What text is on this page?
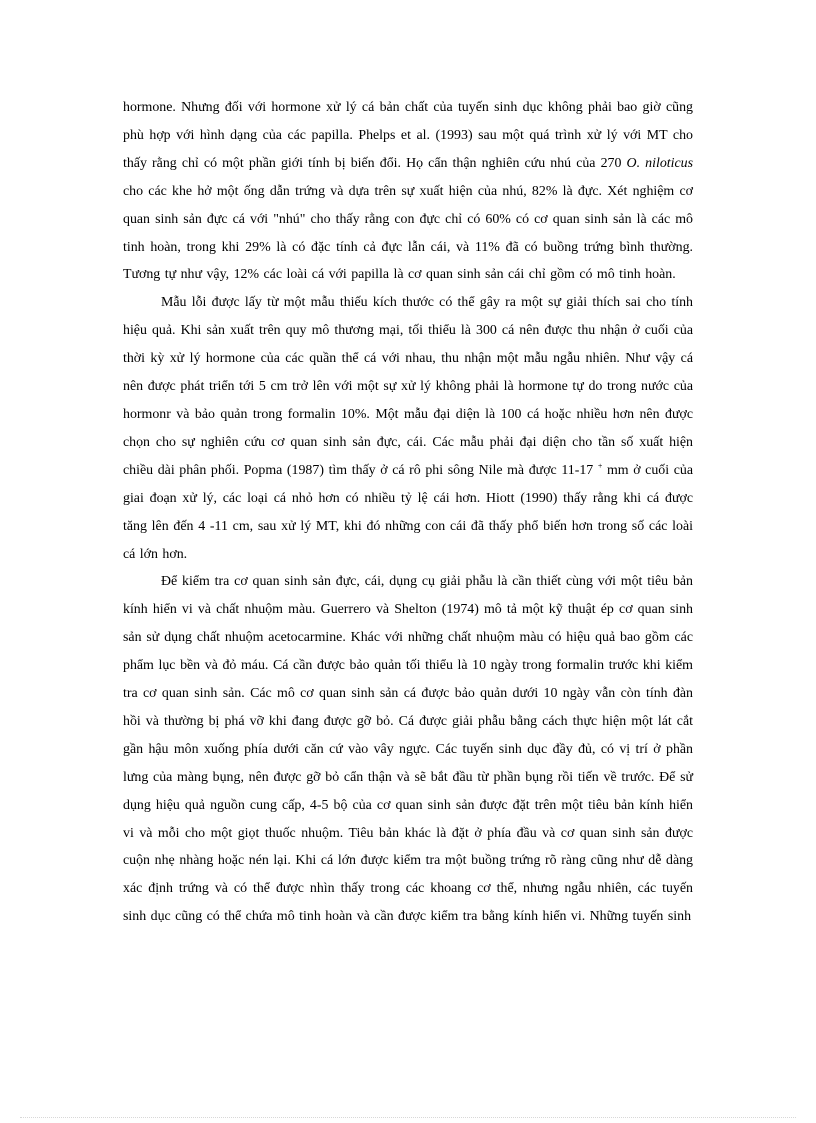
hormone. Nhưng đối với hormone xử lý cá bản chất của tuyến sinh dục không phải bao giờ cũng phù hợp với hình dạng của các papilla. Phelps et al. (1993) sau một quá trình xử lý với MT cho thấy rằng chỉ có một phần giới tính bị biến đổi. Họ cẩn thận nghiên cứu nhú của 270 O. niloticus cho các khe hở một ống dẫn trứng và dựa trên sự xuất hiện của nhú, 82% là đực. Xét nghiệm cơ quan sinh sản đực cá với "nhú" cho thấy rằng con đực chỉ có 60% có cơ quan sinh sản là các mô tinh hoàn, trong khi 29% là có đặc tính cả đực lẫn cái, và 11% đã có buồng trứng bình thường. Tương tự như vậy, 12% các loài cá với papilla là cơ quan sinh sản cái chỉ gồm có mô tinh hoàn.

Mẫu lỗi được lấy từ một mẫu thiếu kích thước có thể gây ra một sự giải thích sai cho tính hiệu quả. Khi sản xuất trên quy mô thương mại, tối thiểu là 300 cá nên được thu nhận ở cuối của thời kỳ xử lý hormone của các quần thể cá với nhau, thu nhận một mẫu ngẫu nhiên. Như vậy cá nên được phát triển tới 5 cm trở lên với một sự xử lý không phải là hormone tự do trong nước của hormonr và bảo quản trong formalin 10%. Một mẫu đại diện là 100 cá hoặc nhiều hơn nên được chọn cho sự nghiên cứu cơ quan sinh sản đực, cái. Các mẫu phải đại diện cho tần số xuất hiện chiều dài phân phối. Popma (1987) tìm thấy ở cá rô phi sông Nile mà được 11-17 + mm ở cuối của giai đoạn xử lý, các loại cá nhỏ hơn có nhiều tỷ lệ cái hơn. Hiott (1990) thấy rằng khi cá được tăng lên đến 4 -11 cm, sau xử lý MT, khi đó những con cái đã thấy phổ biến hơn trong số các loài cá lớn hơn.

Để kiểm tra cơ quan sinh sản đực, cái, dụng cụ giải phẫu là cần thiết cùng với một tiêu bản kính hiển vi và chất nhuộm màu. Guerrero và Shelton (1974) mô tả một kỹ thuật ép cơ quan sinh sản sử dụng chất nhuộm acetocarmine. Khác với những chất nhuộm màu có hiệu quả bao gồm các phẩm lục bền và đỏ máu. Cá cần được bảo quản tối thiểu là 10 ngày trong formalin trước khi kiểm tra cơ quan sinh sản. Các mô cơ quan sinh sản cá được bảo quản dưới 10 ngày vẫn còn tính đàn hồi và thường bị phá vỡ khi đang được gỡ bỏ. Cá được giải phẫu bằng cách thực hiện một lát cắt gần hậu môn xuống phía dưới căn cứ vào vây ngực. Các tuyến sinh dục đầy đủ, có vị trí ở phần lưng của màng bụng, nên được gỡ bỏ cẩn thận và sẽ bắt đầu từ phần bụng rồi tiến về trước. Để sử dụng hiệu quả nguồn cung cấp, 4-5 bộ của cơ quan sinh sản được đặt trên một tiêu bản kính hiển vi và mỗi cho một giọt thuốc nhuộm. Tiêu bản khác là đặt ở phía đầu và cơ quan sinh sản được cuộn nhẹ nhàng hoặc nén lại. Khi cá lớn được kiểm tra một buồng trứng rõ ràng cũng như dễ dàng xác định trứng và có thể được nhìn thấy trong các khoang cơ thể, nhưng ngẫu nhiên, các tuyến sinh dục cũng có thể chứa mô tinh hoàn và cần được kiểm tra bằng kính hiển vi. Những tuyến sinh
